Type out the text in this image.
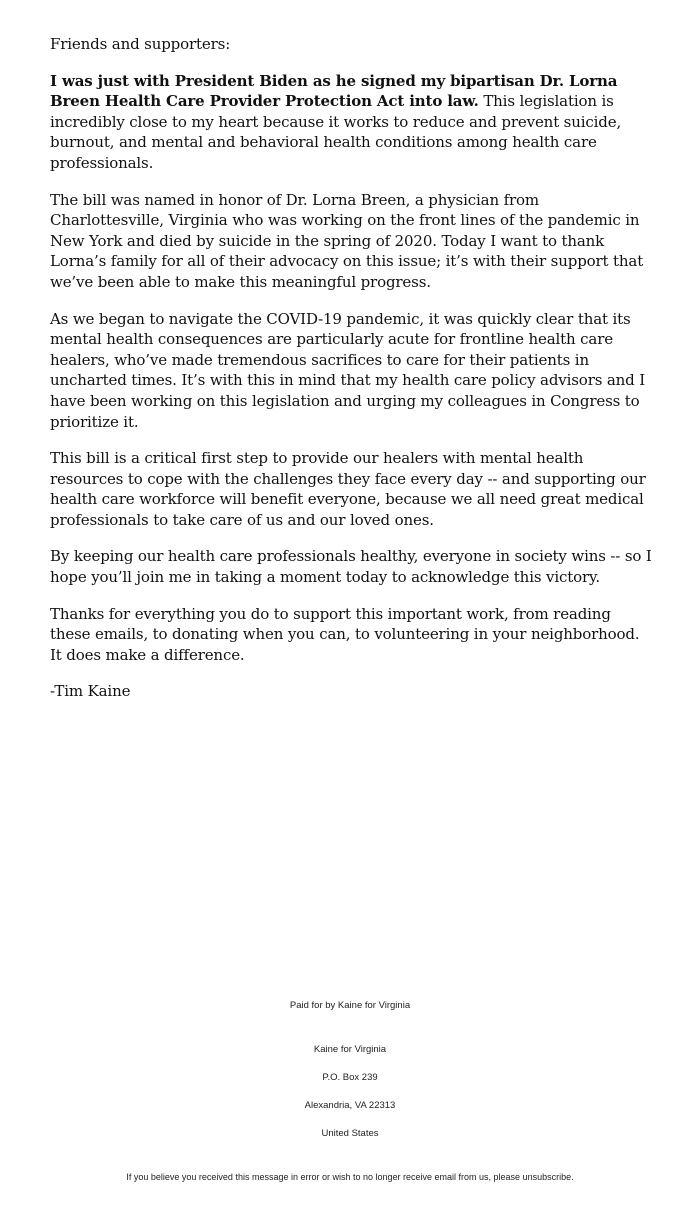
Friends and supporters:

I was just with President Biden as he signed my bipartisan Dr. Lorna Breen Health Care Provider Protection Act into law. This legislation is incredibly close to my heart because it works to reduce and prevent suicide, burnout, and mental and behavioral health conditions among health care professionals.

The bill was named in honor of Dr. Lorna Breen, a physician from Charlottesville, Virginia who was working on the front lines of the pandemic in New York and died by suicide in the spring of 2020. Today I want to thank Lorna’s family for all of their advocacy on this issue; it’s with their support that we’ve been able to make this meaningful progress.

As we began to navigate the COVID-19 pandemic, it was quickly clear that its mental health consequences are particularly acute for frontline health care healers, who’ve made tremendous sacrifices to care for their patients in uncharted times. It’s with this in mind that my health care policy advisors and I have been working on this legislation and urging my colleagues in Congress to prioritize it.

This bill is a critical first step to provide our healers with mental health resources to cope with the challenges they face every day -- and supporting our health care workforce will benefit everyone, because we all need great medical professionals to take care of us and our loved ones.

By keeping our health care professionals healthy, everyone in society wins -- so I hope you’ll join me in taking a moment today to acknowledge this victory.

Thanks for everything you do to support this important work, from reading these emails, to donating when you can, to volunteering in your neighborhood. It does make a difference.

-Tim Kaine

Paid for by Kaine for Virginia
Kaine for Virginia
P.O. Box 239
Alexandria, VA 22313
United States
If you believe you received this message in error or wish to no longer receive email from us, please unsubscribe.
